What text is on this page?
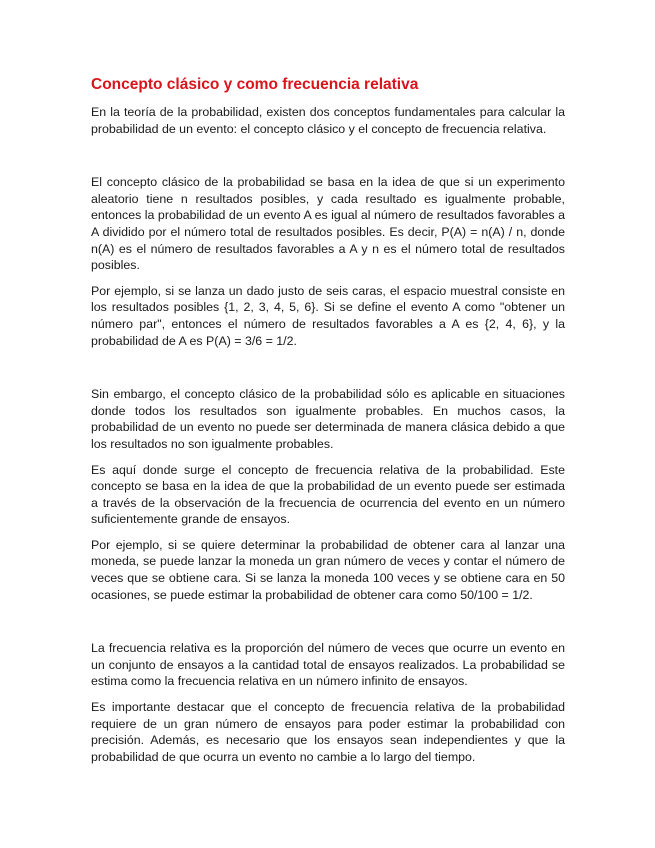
Concepto clásico y como frecuencia relativa

En la teoría de la probabilidad, existen dos conceptos fundamentales para calcular la probabilidad de un evento: el concepto clásico y el concepto de frecuencia relativa.

El concepto clásico de la probabilidad se basa en la idea de que si un experimento aleatorio tiene n resultados posibles, y cada resultado es igualmente probable, entonces la probabilidad de un evento A es igual al número de resultados favorables a A dividido por el número total de resultados posibles. Es decir, P(A) = n(A) / n, donde n(A) es el número de resultados favorables a A y n es el número total de resultados posibles.

Por ejemplo, si se lanza un dado justo de seis caras, el espacio muestral consiste en los resultados posibles {1, 2, 3, 4, 5, 6}. Si se define el evento A como "obtener un número par", entonces el número de resultados favorables a A es {2, 4, 6}, y la probabilidad de A es P(A) = 3/6 = 1/2.

Sin embargo, el concepto clásico de la probabilidad sólo es aplicable en situaciones donde todos los resultados son igualmente probables. En muchos casos, la probabilidad de un evento no puede ser determinada de manera clásica debido a que los resultados no son igualmente probables.

Es aquí donde surge el concepto de frecuencia relativa de la probabilidad. Este concepto se basa en la idea de que la probabilidad de un evento puede ser estimada a través de la observación de la frecuencia de ocurrencia del evento en un número suficientemente grande de ensayos.

Por ejemplo, si se quiere determinar la probabilidad de obtener cara al lanzar una moneda, se puede lanzar la moneda un gran número de veces y contar el número de veces que se obtiene cara. Si se lanza la moneda 100 veces y se obtiene cara en 50 ocasiones, se puede estimar la probabilidad de obtener cara como 50/100 = 1/2.

La frecuencia relativa es la proporción del número de veces que ocurre un evento en un conjunto de ensayos a la cantidad total de ensayos realizados. La probabilidad se estima como la frecuencia relativa en un número infinito de ensayos.

Es importante destacar que el concepto de frecuencia relativa de la probabilidad requiere de un gran número de ensayos para poder estimar la probabilidad con precisión. Además, es necesario que los ensayos sean independientes y que la probabilidad de que ocurra un evento no cambie a lo largo del tiempo.
